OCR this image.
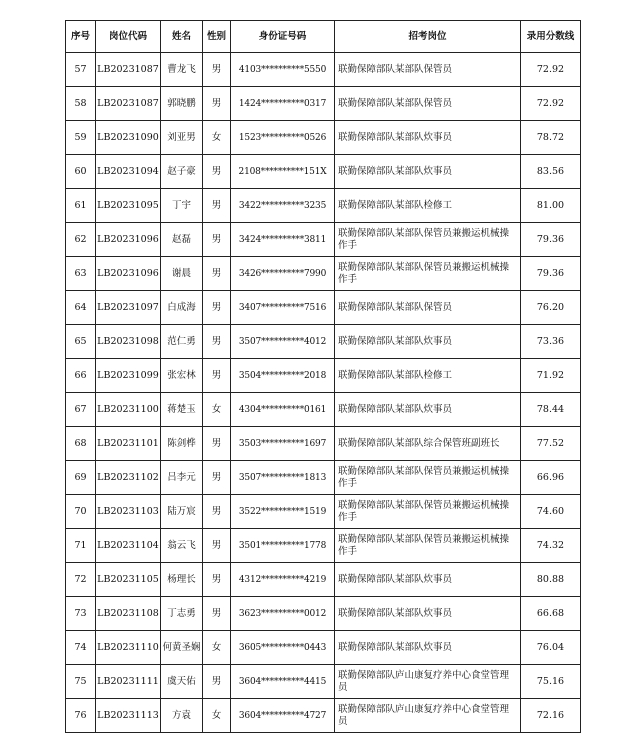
序号	岗位代码	姓名	性别	身份证号码	招考岗位	录用分数线
57	LB20231087	曹龙飞	男	4103**********5550	联勤保障部队某部队保管员	72.92
58	LB20231087	郭晓鹏	男	1424**********0317	联勤保障部队某部队保管员	72.92
59	LB20231090	刘亚男	女	1523**********0526	联勤保障部队某部队炊事员	78.72
60	LB20231094	赵子豪	男	2108**********151X	联勤保障部队某部队炊事员	83.56
61	LB20231095	丁宇	男	3422**********3235	联勤保障部队某部队检修工	81.00
62	LB20231096	赵磊	男	3424**********3811	联勤保障部队某部队保管员兼搬运机械操作手	79.36
63	LB20231096	谢晨	男	3426**********7990	联勤保障部队某部队保管员兼搬运机械操作手	79.36
64	LB20231097	白成海	男	3407**********7516	联勤保障部队某部队保管员	76.20
65	LB20231098	范仁勇	男	3507**********4012	联勤保障部队某部队炊事员	73.36
66	LB20231099	张宏林	男	3504**********2018	联勤保障部队某部队检修工	71.92
67	LB20231100	蒋楚玉	女	4304**********0161	联勤保障部队某部队炊事员	78.44
68	LB20231101	陈剑桦	男	3503**********1697	联勤保障部队某部队综合保管班副班长	77.52
69	LB20231102	吕李元	男	3507**********1813	联勤保障部队某部队保管员兼搬运机械操作手	66.96
70	LB20231103	陆万宸	男	3522**********1519	联勤保障部队某部队保管员兼搬运机械操作手	74.60
71	LB20231104	翁云飞	男	3501**********1778	联勤保障部队某部队保管员兼搬运机械操作手	74.32
72	LB20231105	杨理长	男	4312**********4219	联勤保障部队某部队炊事员	80.88
73	LB20231108	丁志勇	男	3623**********0012	联勤保障部队某部队炊事员	66.68
74	LB20231110	何黄圣娴	女	3605**********0443	联勤保障部队某部队炊事员	76.04
75	LB20231111	虞天佑	男	3604**********4415	联勤保障部队庐山康复疗养中心食堂管理员	75.16
76	LB20231113	方袁	女	3604**********4727	联勤保障部队庐山康复疗养中心食堂管理员	72.16
